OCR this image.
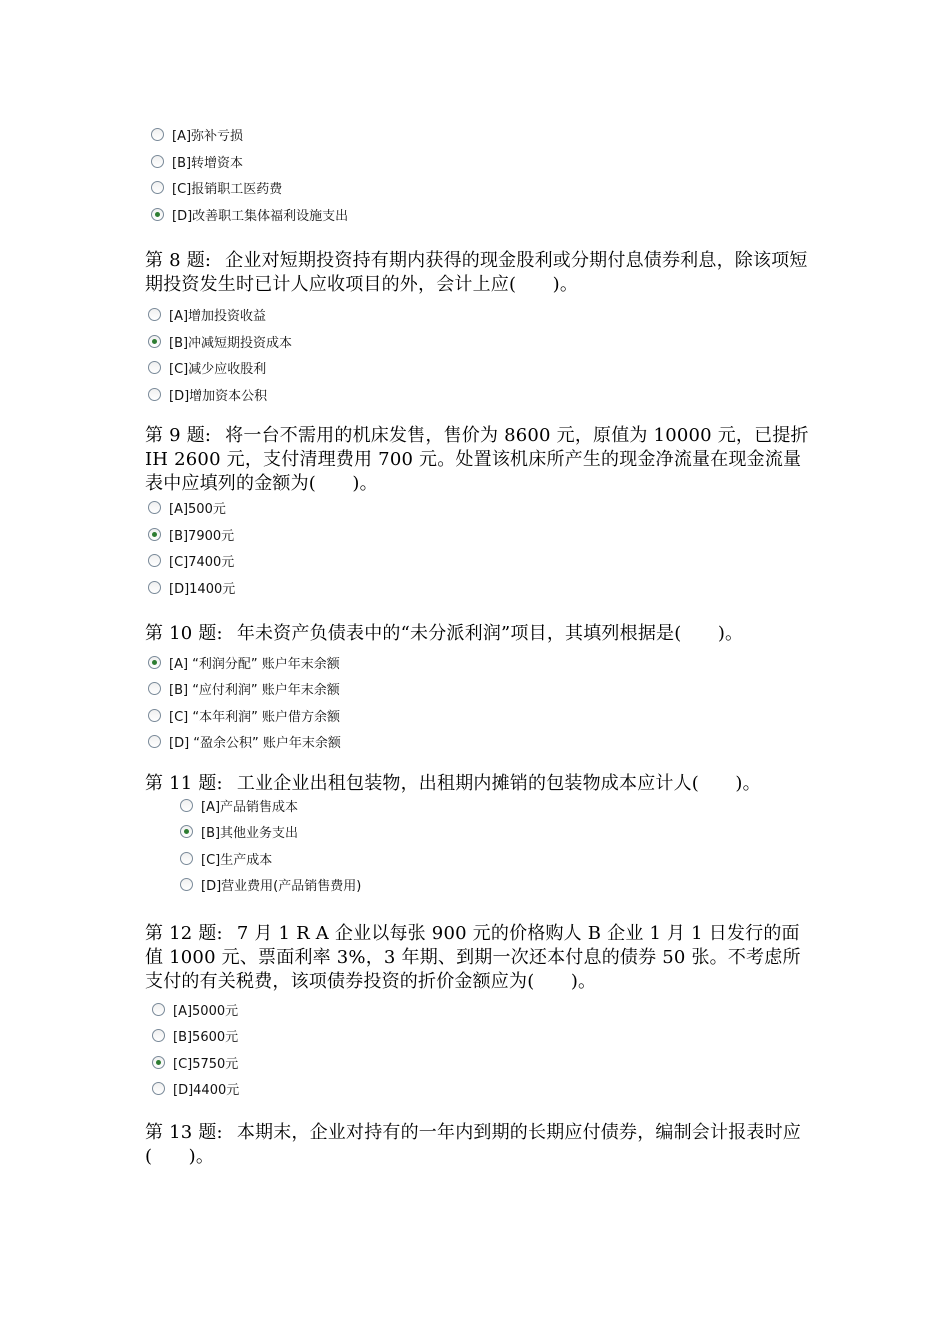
[A]弥补亏损
[B]转增资本
[C]报销职工医药费
[D]改善职工集体福利设施支出
第 8 题: 企业对短期投资持有期内获得的现金股利或分期付息债券利息，除该项短期投资发生时已计人应收项目的外，会计上应(　　)。
[A]增加投资收益
[B]冲减短期投资成本
[C]减少应收股利
[D]增加资本公积
第 9 题: 将一台不需用的机床发售，售价为 8600 元，原值为 10000 元，已提折 IH 2600 元，支付清理费用 700 元。处置该机床所产生的现金净流量在现金流量表中应填列的金额为(　　)。
[A]500元
[B]7900元
[C]7400元
[D]1400元
第 10 题: 年未资产负债表中的“未分派利润”项目，其填列根据是(　　)。
[A] “利润分配” 账户年末余额
[B] “应付利润” 账户年末余额
[C] “本年利润” 账户借方余额
[D] “盈余公积” 账户年末余额
第 11 题: 工业企业出租包装物，出租期内摊销的包装物成本应计人(　　)。
[A]产品销售成本
[B]其他业务支出
[C]生产成本
[D]营业费用(产品销售费用)
第 12 题: 7 月 1 R A 企业以每张 900 元的价格购人 B 企业 1 月 1 日发行的面值 1000 元、票面利率 3%，3 年期、到期一次还本付息的债券 50 张。不考虑所支付的有关税费，该项债券投资的折价金额应为(　　)。
[A]5000元
[B]5600元
[C]5750元
[D]4400元
第 13 题: 本期末，企业对持有的一年内到期的长期应付债券，编制会计报表时应(　　)。
